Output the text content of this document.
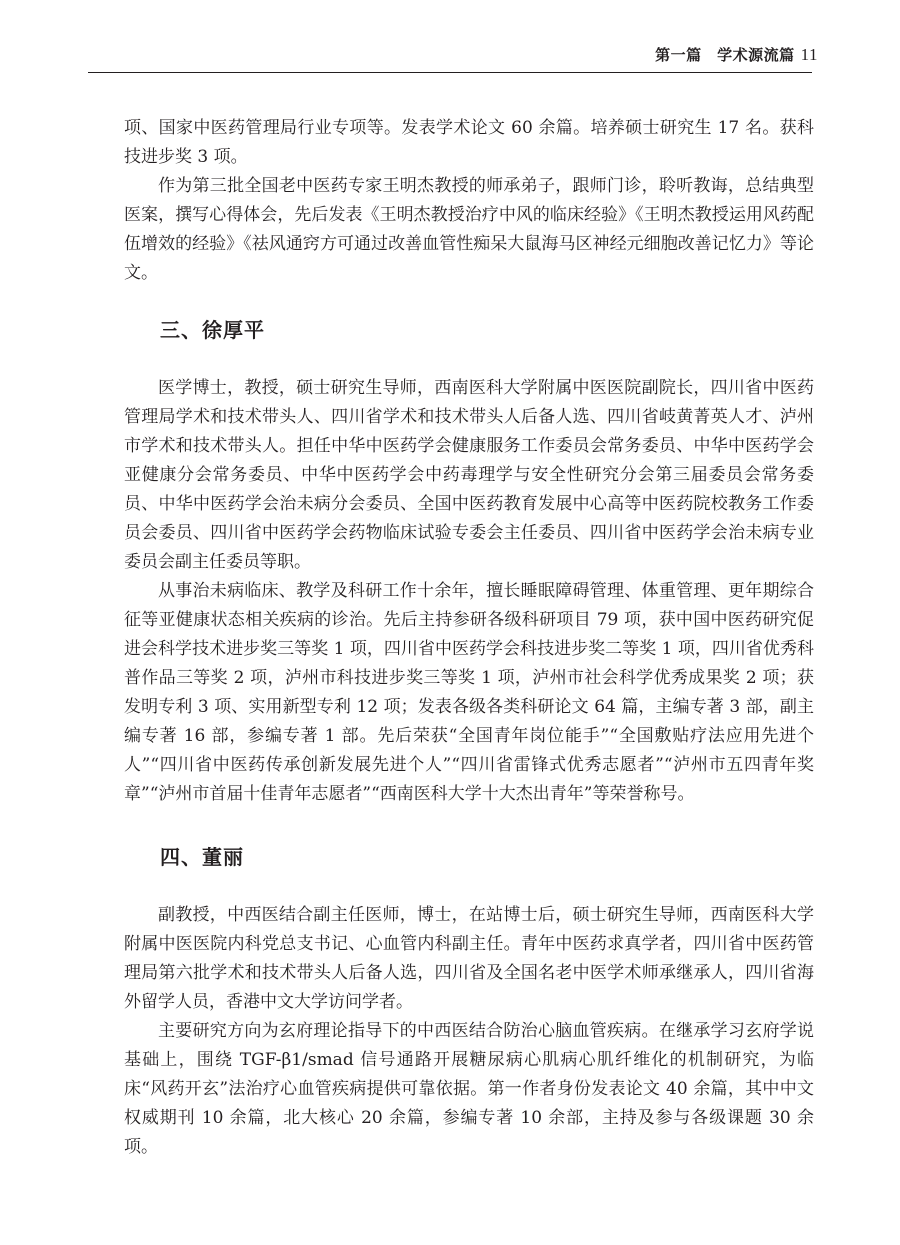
第一篇　学术源流篇 11

项、国家中医药管理局行业专项等。发表学术论文 60 余篇。培养硕士研究生 17 名。获科技进步奖 3 项。

作为第三批全国老中医药专家王明杰教授的师承弟子，跟师门诊，聆听教诲，总结典型医案，撰写心得体会，先后发表《王明杰教授治疗中风的临床经验》《王明杰教授运用风药配伍增效的经验》《祛风通窍方可通过改善血管性痴呆大鼠海马区神经元细胞改善记忆力》等论文。

三、徐厚平

医学博士，教授，硕士研究生导师，西南医科大学附属中医医院副院长，四川省中医药管理局学术和技术带头人、四川省学术和技术带头人后备人选、四川省岐黄菁英人才、泸州市学术和技术带头人。担任中华中医药学会健康服务工作委员会常务委员、中华中医药学会亚健康分会常务委员、中华中医药学会中药毒理学与安全性研究分会第三届委员会常务委员、中华中医药学会治未病分会委员、全国中医药教育发展中心高等中医药院校教务工作委员会委员、四川省中医药学会药物临床试验专委会主任委员、四川省中医药学会治未病专业委员会副主任委员等职。

从事治未病临床、教学及科研工作十余年，擅长睡眠障碍管理、体重管理、更年期综合征等亚健康状态相关疾病的诊治。先后主持参研各级科研项目 79 项，获中国中医药研究促进会科学技术进步奖三等奖 1 项，四川省中医药学会科技进步奖二等奖 1 项，四川省优秀科普作品三等奖 2 项，泸州市科技进步奖三等奖 1 项，泸州市社会科学优秀成果奖 2 项；获发明专利 3 项、实用新型专利 12 项；发表各级各类科研论文 64 篇，主编专著 3 部，副主编专著 16 部，参编专著 1 部。先后荣获“全国青年岗位能手”“全国敷贴疗法应用先进个人”“四川省中医药传承创新发展先进个人”“四川省雷锋式优秀志愿者”“泸州市五四青年奖章”“泸州市首届十佳青年志愿者”“西南医科大学十大杰出青年”等荣誉称号。

四、董丽

副教授，中西医结合副主任医师，博士，在站博士后，硕士研究生导师，西南医科大学附属中医医院内科党总支书记、心血管内科副主任。青年中医药求真学者，四川省中医药管理局第六批学术和技术带头人后备人选，四川省及全国名老中医学术师承继承人，四川省海外留学人员，香港中文大学访问学者。

主要研究方向为玄府理论指导下的中西医结合防治心脑血管疾病。在继承学习玄府学说基础上，围绕 TGF-β1/smad 信号通路开展糖尿病心肌病心肌纤维化的机制研究，为临床“风药开玄”法治疗心血管疾病提供可靠依据。第一作者身份发表论文 40 余篇，其中中文权威期刊 10 余篇，北大核心 20 余篇，参编专著 10 余部，主持及参与各级课题 30 余项。
